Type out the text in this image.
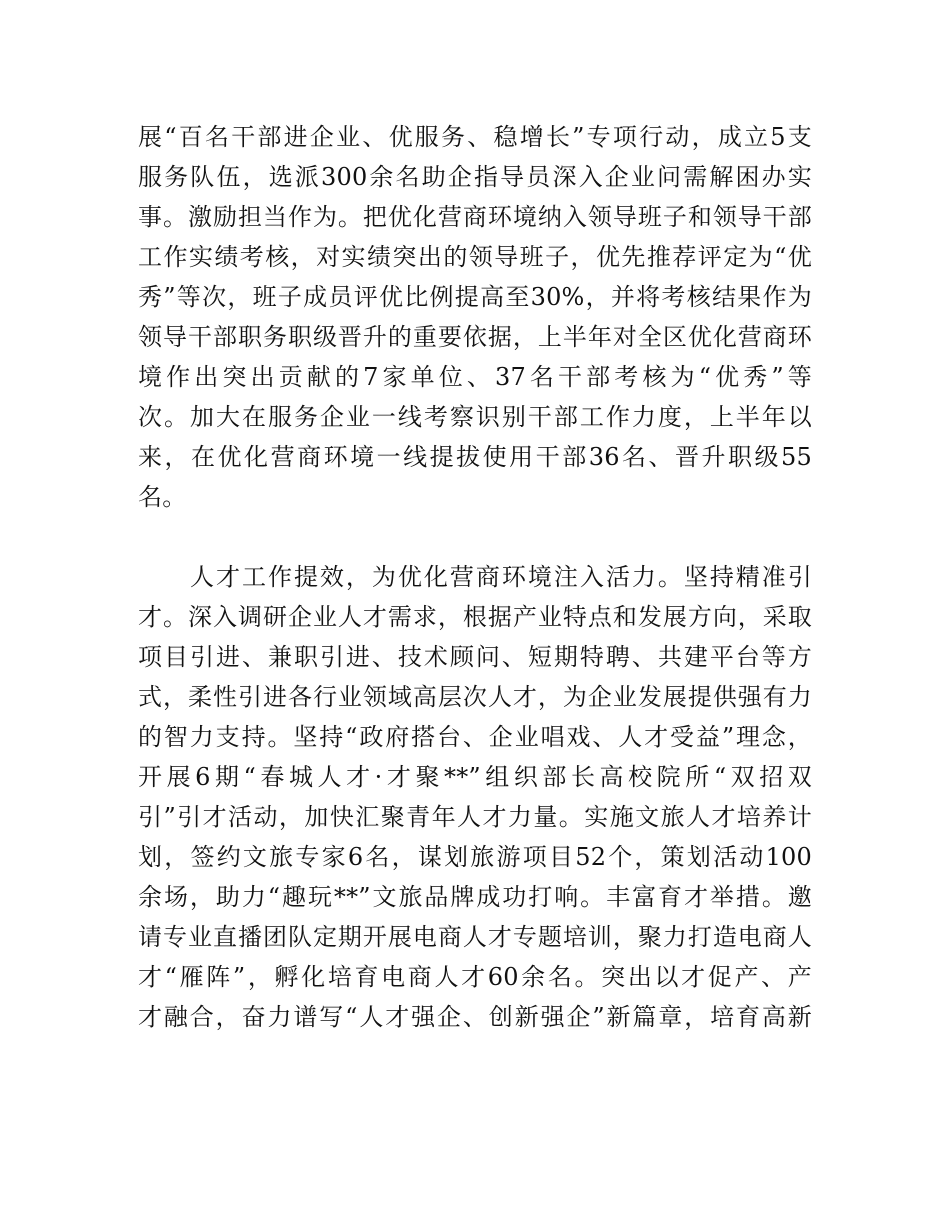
展“百名干部进企业、优服务、稳增长”专项行动，成立5支
服务队伍，选派300余名助企指导员深入企业问需解困办实
事。激励担当作为。把优化营商环境纳入领导班子和领导干部
工作实绩考核，对实绩突出的领导班子，优先推荐评定为“优
秀”等次，班子成员评优比例提高至30%，并将考核结果作为
领导干部职务职级晋升的重要依据，上半年对全区优化营商环
境作出突出贡献的7家单位、37名干部考核为“优秀”等
次。加大在服务企业一线考察识别干部工作力度，上半年以
来，在优化营商环境一线提拔使用干部36名、晋升职级55
名。
　　人才工作提效，为优化营商环境注入活力。坚持精准引
才。深入调研企业人才需求，根据产业特点和发展方向，采取
项目引进、兼职引进、技术顾问、短期特聘、共建平台等方
式，柔性引进各行业领域高层次人才，为企业发展提供强有力
的智力支持。坚持“政府搭台、企业唱戏、人才受益”理念，
开展6期“春城人才·才聚**”组织部长高校院所“双招双
引”引才活动，加快汇聚青年人才力量。实施文旅人才培养计
划，签约文旅专家6名，谋划旅游项目52个，策划活动100
余场，助力“趣玩**”文旅品牌成功打响。丰富育才举措。邀
请专业直播团队定期开展电商人才专题培训，聚力打造电商人
才“雁阵”，孵化培育电商人才60余名。突出以才促产、产
才融合，奋力谱写“人才强企、创新强企”新篇章，培育高新
